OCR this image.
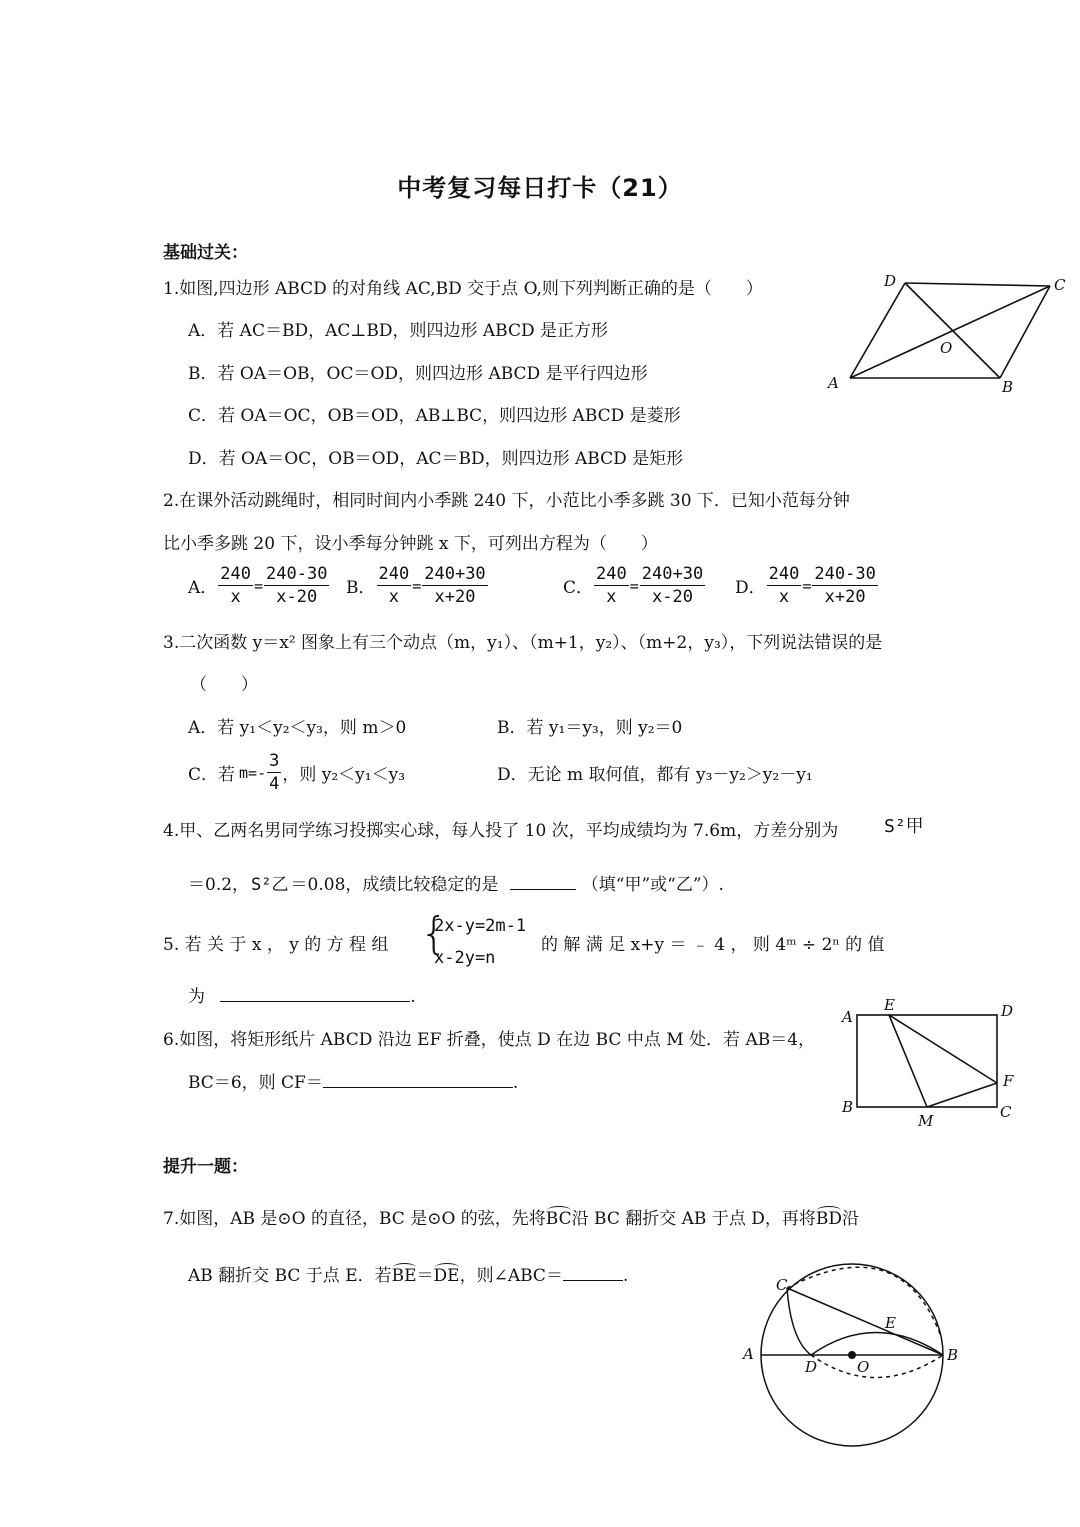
中考复习每日打卡（21）
基础过关：
1.如图,四边形 ABCD 的对角线 AC,BD 交于点 O,则下列判断正确的是（　　）
A．若 AC＝BD，AC⊥BD，则四边形 ABCD 是正方形
B．若 OA＝OB，OC＝OD，则四边形 ABCD 是平行四边形
C．若 OA＝OC，OB＝OD，AB⊥BC，则四边形 ABCD 是菱形
D．若 OA＝OC，OB＝OD，AC＝BD，则四边形 ABCD 是矩形
D	C
O
A	B
2.在课外活动跳绳时，相同时间内小季跳 240 下，小范比小季多跳 30 下．已知小范每分钟
比小季多跳 20 下，设小季每分钟跳 x 下，可列出方程为（　　）
A． $\frac{240}{x} = \frac{240-30}{x-20}$ B． $\frac{240}{x} = \frac{240+30}{x+20}$	C． $\frac{240}{x} = \frac{240+30}{x-20}$ D． $\frac{240}{x} = \frac{240-30}{x+20}$
3.二次函数 y＝x² 图象上有三个动点（m，y₁）、（m+1，y₂）、（m+2，y₃），下列说法错误的是
（　　）
A．若 y₁＜y₂＜y₃，则 m＞0	B．若 y₁＝y₃，则 y₂＝0
C．若 $m=- \frac{3}{4}$ ，则 y₂＜y₁＜y₃	D．无论 m 取何值，都有 y₃－y₂＞y₂－y₁
4.甲、乙两名男同学练习投掷实心球，每人投了 10 次，平均成绩均为 7.6m，方差分别为	S²甲
＝0.2， S²乙 ＝0.08，成绩比较稳定的是	（填“甲”或“乙”）.
5. 若 关 于 x ， y 的 方 程 组 {
2x-y=2m-1
x-2y=n
的 解 满 足 x+y ＝ ﹣ 4 ， 则 4ᵐ ÷ 2ⁿ 的 值
为	.
6.如图，将矩形纸片 ABCD 沿边 EF 折叠，使点 D 在边 BC 中点 M 处．若 AB＝4，
BC＝6，则 CF＝	.
A
E	D
F
B
M	C
提升一题：
7.如图，AB 是⊙O 的直径，BC 是⊙O 的弦，先将BC沿 BC 翻折交 AB 于点 D，再将BD沿
AB 翻折交 BC 于点 E．若BE＝DE，则∠ABC＝	.	C
E
A
D	O
B
